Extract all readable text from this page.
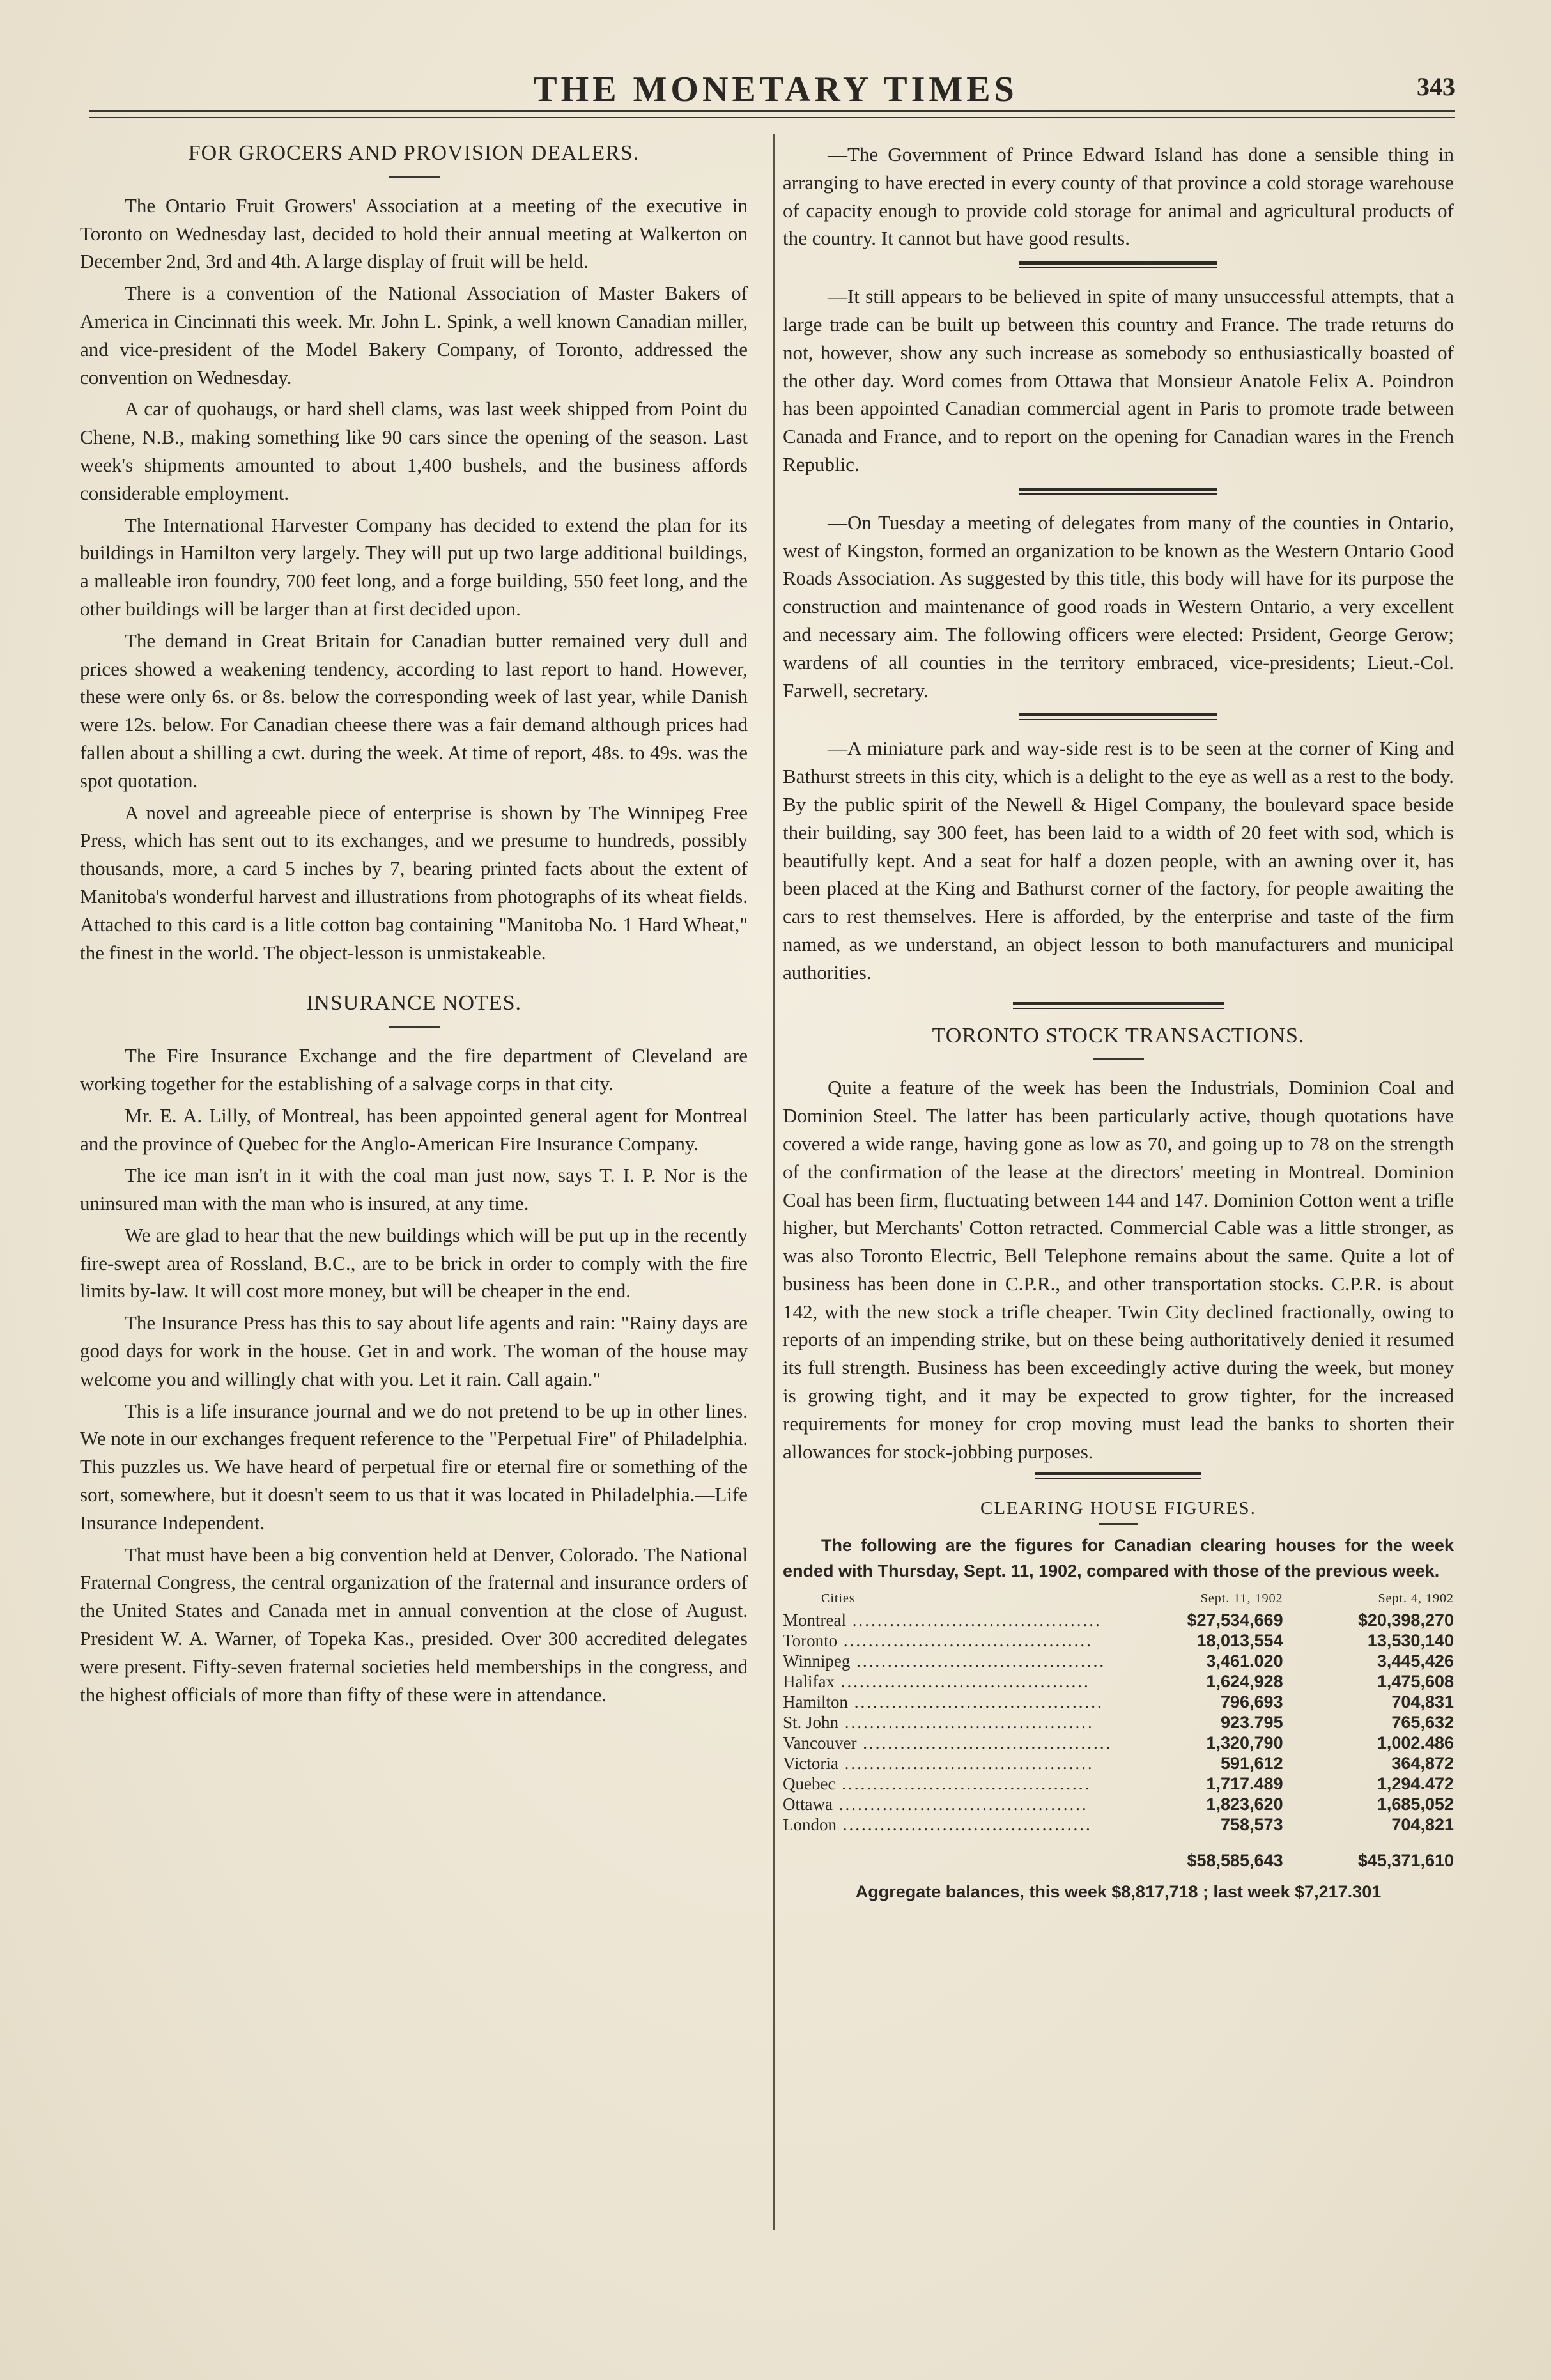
THE MONETARY TIMES	343
FOR GROCERS AND PROVISION DEALERS.

The Ontario Fruit Growers' Association at a meeting of the executive in Toronto on Wednesday last, decided to hold their annual meeting at Walkerton on December 2nd, 3rd and 4th. A large display of fruit will be held.

There is a convention of the National Association of Master Bakers of America in Cincinnati this week. Mr. John L. Spink, a well known Canadian miller, and vice-president of the Model Bakery Company, of Toronto, addressed the convention on Wednesday.

A car of quohaugs, or hard shell clams, was last week shipped from Point du Chene, N.B., making something like 90 cars since the opening of the season. Last week's shipments amounted to about 1,400 bushels, and the business affords considerable employment.

The International Harvester Company has decided to extend the plan for its buildings in Hamilton very largely. They will put up two large additional buildings, a malleable iron foundry, 700 feet long, and a forge building, 550 feet long, and the other buildings will be larger than at first decided upon.

The demand in Great Britain for Canadian butter remained very dull and prices showed a weakening tendency, according to last report to hand. However, these were only 6s. or 8s. below the corresponding week of last year, while Danish were 12s. below. For Canadian cheese there was a fair demand although prices had fallen about a shilling a cwt. during the week. At time of report, 48s. to 49s. was the spot quotation.

A novel and agreeable piece of enterprise is shown by The Winnipeg Free Press, which has sent out to its exchanges, and we presume to hundreds, possibly thousands, more, a card 5 inches by 7, bearing printed facts about the extent of Manitoba's wonderful harvest and illustrations from photographs of its wheat fields. Attached to this card is a litle cotton bag containing "Manitoba No. 1 Hard Wheat," the finest in the world. The object-lesson is unmistakeable.

INSURANCE NOTES.

The Fire Insurance Exchange and the fire department of Cleveland are working together for the establishing of a salvage corps in that city.

Mr. E. A. Lilly, of Montreal, has been appointed general agent for Montreal and the province of Quebec for the Anglo-American Fire Insurance Company.

The ice man isn't in it with the coal man just now, says T. I. P. Nor is the uninsured man with the man who is insured, at any time.

We are glad to hear that the new buildings which will be put up in the recently fire-swept area of Rossland, B.C., are to be brick in order to comply with the fire limits by-law. It will cost more money, but will be cheaper in the end.

The Insurance Press has this to say about life agents and rain: "Rainy days are good days for work in the house. Get in and work. The woman of the house may welcome you and willingly chat with you. Let it rain. Call again."

This is a life insurance journal and we do not pretend to be up in other lines. We note in our exchanges frequent reference to the "Perpetual Fire" of Philadelphia. This puzzles us. We have heard of perpetual fire or eternal fire or something of the sort, somewhere, but it doesn't seem to us that it was located in Philadelphia.—Life Insurance Independent.

That must have been a big convention held at Denver, Colorado. The National Fraternal Congress, the central organization of the fraternal and insurance orders of the United States and Canada met in annual convention at the close of August. President W. A. Warner, of Topeka Kas., presided. Over 300 accredited delegates were present. Fifty-seven fraternal societies held memberships in the congress, and the highest officials of more than fifty of these were in attendance.

—The Government of Prince Edward Island has done a sensible thing in arranging to have erected in every county of that province a cold storage warehouse of capacity enough to provide cold storage for animal and agricultural products of the country. It cannot but have good results.

—It still appears to be believed in spite of many unsuccessful attempts, that a large trade can be built up between this country and France. The trade returns do not, however, show any such increase as somebody so enthusiastically boasted of the other day. Word comes from Ottawa that Monsieur Anatole Felix A. Poindron has been appointed Canadian commercial agent in Paris to promote trade between Canada and France, and to report on the opening for Canadian wares in the French Republic.

—On Tuesday a meeting of delegates from many of the counties in Ontario, west of Kingston, formed an organization to be known as the Western Ontario Good Roads Association. As suggested by this title, this body will have for its purpose the construction and maintenance of good roads in Western Ontario, a very excellent and necessary aim. The following officers were elected: Prsident, George Gerow; wardens of all counties in the territory embraced, vice-presidents; Lieut.-Col. Farwell, secretary.

—A miniature park and way-side rest is to be seen at the corner of King and Bathurst streets in this city, which is a delight to the eye as well as a rest to the body. By the public spirit of the Newell & Higel Company, the boulevard space beside their building, say 300 feet, has been laid to a width of 20 feet with sod, which is beautifully kept. And a seat for half a dozen people, with an awning over it, has been placed at the King and Bathurst corner of the factory, for people awaiting the cars to rest themselves. Here is afforded, by the enterprise and taste of the firm named, as we understand, an object lesson to both manufacturers and municipal authorities.

TORONTO STOCK TRANSACTIONS.

Quite a feature of the week has been the Industrials, Dominion Coal and Dominion Steel. The latter has been particularly active, though quotations have covered a wide range, having gone as low as 70, and going up to 78 on the strength of the confirmation of the lease at the directors' meeting in Montreal. Dominion Coal has been firm, fluctuating between 144 and 147. Dominion Cotton went a trifle higher, but Merchants' Cotton retracted. Commercial Cable was a little stronger, as was also Toronto Electric, Bell Telephone remains about the same. Quite a lot of business has been done in C.P.R., and other transportation stocks. C.P.R. is about 142, with the new stock a trifle cheaper. Twin City declined fractionally, owing to reports of an impending strike, but on these being authoritatively denied it resumed its full strength. Business has been exceedingly active during the week, but money is growing tight, and it may be expected to grow tighter, for the increased requirements for money for crop moving must lead the banks to shorten their allowances for stock-jobbing purposes.

CLEARING HOUSE FIGURES.
The following are the figures for Canadian clearing houses for the week ended with Thursday, Sept. 11, 1902, compared with those of the previous week.
Cities	Sept. 11, 1902	Sept. 4, 1902
Montreal ........................................	$27,534,669	$20,398,270
Toronto ........................................	18,013,554	13,530,140
Winnipeg ........................................	3,461.020	3,445,426
Halifax ........................................	1,624,928	1,475,608
Hamilton ........................................	796,693	704,831
St. John ........................................	923.795	765,632
Vancouver ........................................	1,320,790	1,002.486
Victoria ........................................	591,612	364,872
Quebec ........................................	1,717.489	1,294.472
Ottawa ........................................	1,823,620	1,685,052
London ........................................	758,573	704,821
	$58,585,643	$45,371,610
Aggregate balances, this week $8,817,718 ; last week $7,217.301
